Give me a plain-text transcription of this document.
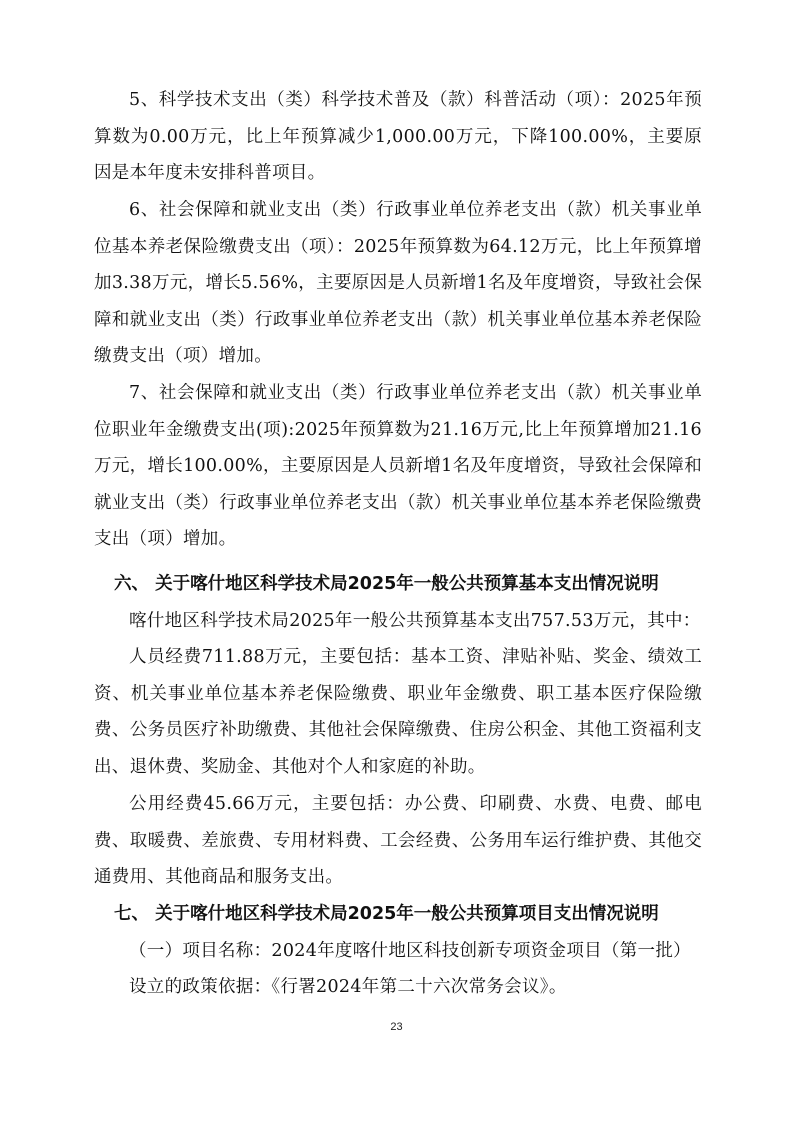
5、科学技术支出（类）科学技术普及（款）科普活动（项）：2025年预算数为0.00万元，比上年预算减少1,000.00万元，下降100.00%，主要原因是本年度未安排科普项目。

6、社会保障和就业支出（类）行政事业单位养老支出（款）机关事业单位基本养老保险缴费支出（项）：2025年预算数为64.12万元，比上年预算增加3.38万元，增长5.56%，主要原因是人员新增1名及年度增资，导致社会保障和就业支出（类）行政事业单位养老支出（款）机关事业单位基本养老保险缴费支出（项）增加。

7、社会保障和就业支出（类）行政事业单位养老支出（款）机关事业单位职业年金缴费支出(项):2025年预算数为21.16万元,比上年预算增加21.16万元，增长100.00%，主要原因是人员新增1名及年度增资，导致社会保障和就业支出（类）行政事业单位养老支出（款）机关事业单位基本养老保险缴费支出（项）增加。

六、 关于喀什地区科学技术局2025年一般公共预算基本支出情况说明

喀什地区科学技术局2025年一般公共预算基本支出757.53万元，其中：

人员经费711.88万元，主要包括：基本工资、津贴补贴、奖金、绩效工资、机关事业单位基本养老保险缴费、职业年金缴费、职工基本医疗保险缴费、公务员医疗补助缴费、其他社会保障缴费、住房公积金、其他工资福利支出、退休费、奖励金、其他对个人和家庭的补助。

公用经费45.66万元，主要包括：办公费、印刷费、水费、电费、邮电费、取暖费、差旅费、专用材料费、工会经费、公务用车运行维护费、其他交通费用、其他商品和服务支出。

七、 关于喀什地区科学技术局2025年一般公共预算项目支出情况说明

（一）项目名称：2024年度喀什地区科技创新专项资金项目（第一批）

设立的政策依据：《行署2024年第二十六次常务会议》。

23
